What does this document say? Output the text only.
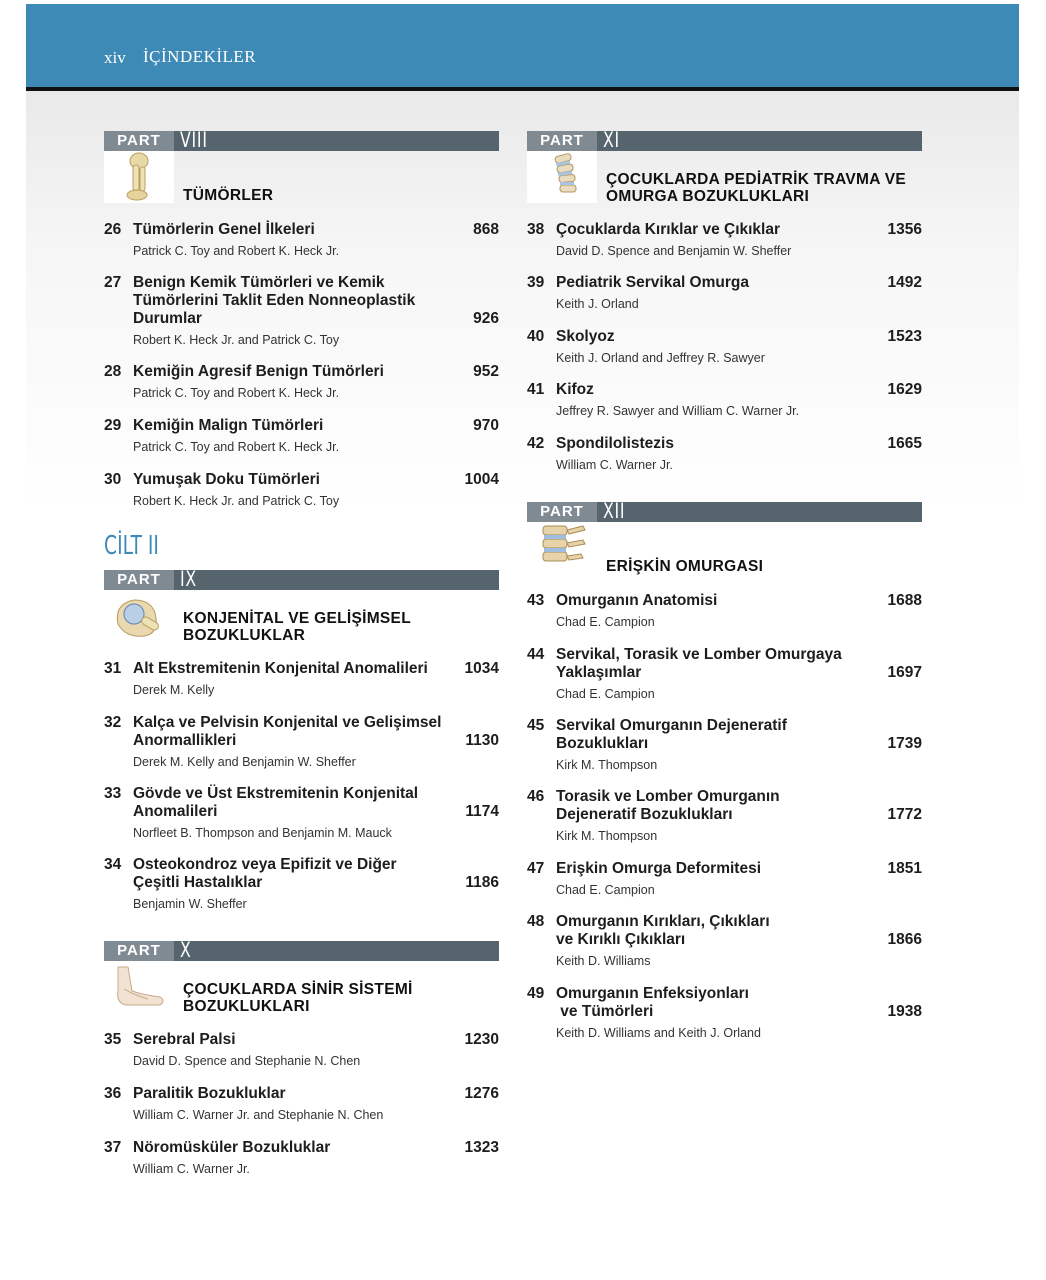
xiv İÇİNDEKİLER
PART VIII
TÜMÖRLER
26 Tümörlerin Genel İlkeleri	868
Patrick C. Toy and Robert K. Heck Jr.
27 Benign Kemik Tümörleri ve Kemik
Tümörlerini Taklit Eden Nonneoplastik
Durumlar	926
Robert K. Heck Jr. and Patrick C. Toy
28 Kemiğin Agresif Benign Tümörleri	952
Patrick C. Toy and Robert K. Heck Jr.
29 Kemiğin Malign Tümörleri	970
Patrick C. Toy and Robert K. Heck Jr.
30 Yumuşak Doku Tümörleri	1004
Robert K. Heck Jr. and Patrick C. Toy
CİLT II
PART IX
KONJENİTAL VE GELİŞİMSEL
BOZUKLUKLAR
31 Alt Ekstremitenin Konjenital Anomalileri	1034
Derek M. Kelly
32 Kalça ve Pelvisin Konjenital ve Gelişimsel
Anormallikleri	1130
Derek M. Kelly and Benjamin W. Sheffer
33 Gövde ve Üst Ekstremitenin Konjenital
Anomalileri	1174
Norfleet B. Thompson and Benjamin M. Mauck
34 Osteokondroz veya Epifizit ve Diğer
Çeşitli Hastalıklar	1186
Benjamin W. Sheffer
PART X
ÇOCUKLARDA SİNİR SİSTEMİ
BOZUKLUKLARI
35 Serebral Palsi	1230
David D. Spence and Stephanie N. Chen
36 Paralitik Bozukluklar	1276
William C. Warner Jr. and Stephanie N. Chen
37 Nöromüsküler Bozukluklar	1323
William C. Warner Jr.
PART XI
ÇOCUKLARDA PEDİATRİK TRAVMA VE
OMURGA BOZUKLUKLARI
38 Çocuklarda Kırıklar ve Çıkıklar	1356
David D. Spence and Benjamin W. Sheffer
39 Pediatrik Servikal Omurga	1492
Keith J. Orland
40 Skolyoz	1523
Keith J. Orland and Jeffrey R. Sawyer
41 Kifoz	1629
Jeffrey R. Sawyer and William C. Warner Jr.
42 Spondilolistezis	1665
William C. Warner Jr.
PART XII
ERİŞKİN OMURGASI
43 Omurganın Anatomisi	1688
Chad E. Campion
44 Servikal, Torasik ve Lomber Omurgaya
Yaklaşımlar	1697
Chad E. Campion
45 Servikal Omurganın Dejeneratif
Bozuklukları	1739
Kirk M. Thompson
46 Torasik ve Lomber Omurganın
Dejeneratif Bozuklukları	1772
Kirk M. Thompson
47 Erişkin Omurga Deformitesi	1851
Chad E. Campion
48 Omurganın Kırıkları, Çıkıkları
ve Kırıklı Çıkıkları	1866
Keith D. Williams
49 Omurganın Enfeksiyonları
ve Tümörleri	1938
Keith D. Williams and Keith J. Orland
